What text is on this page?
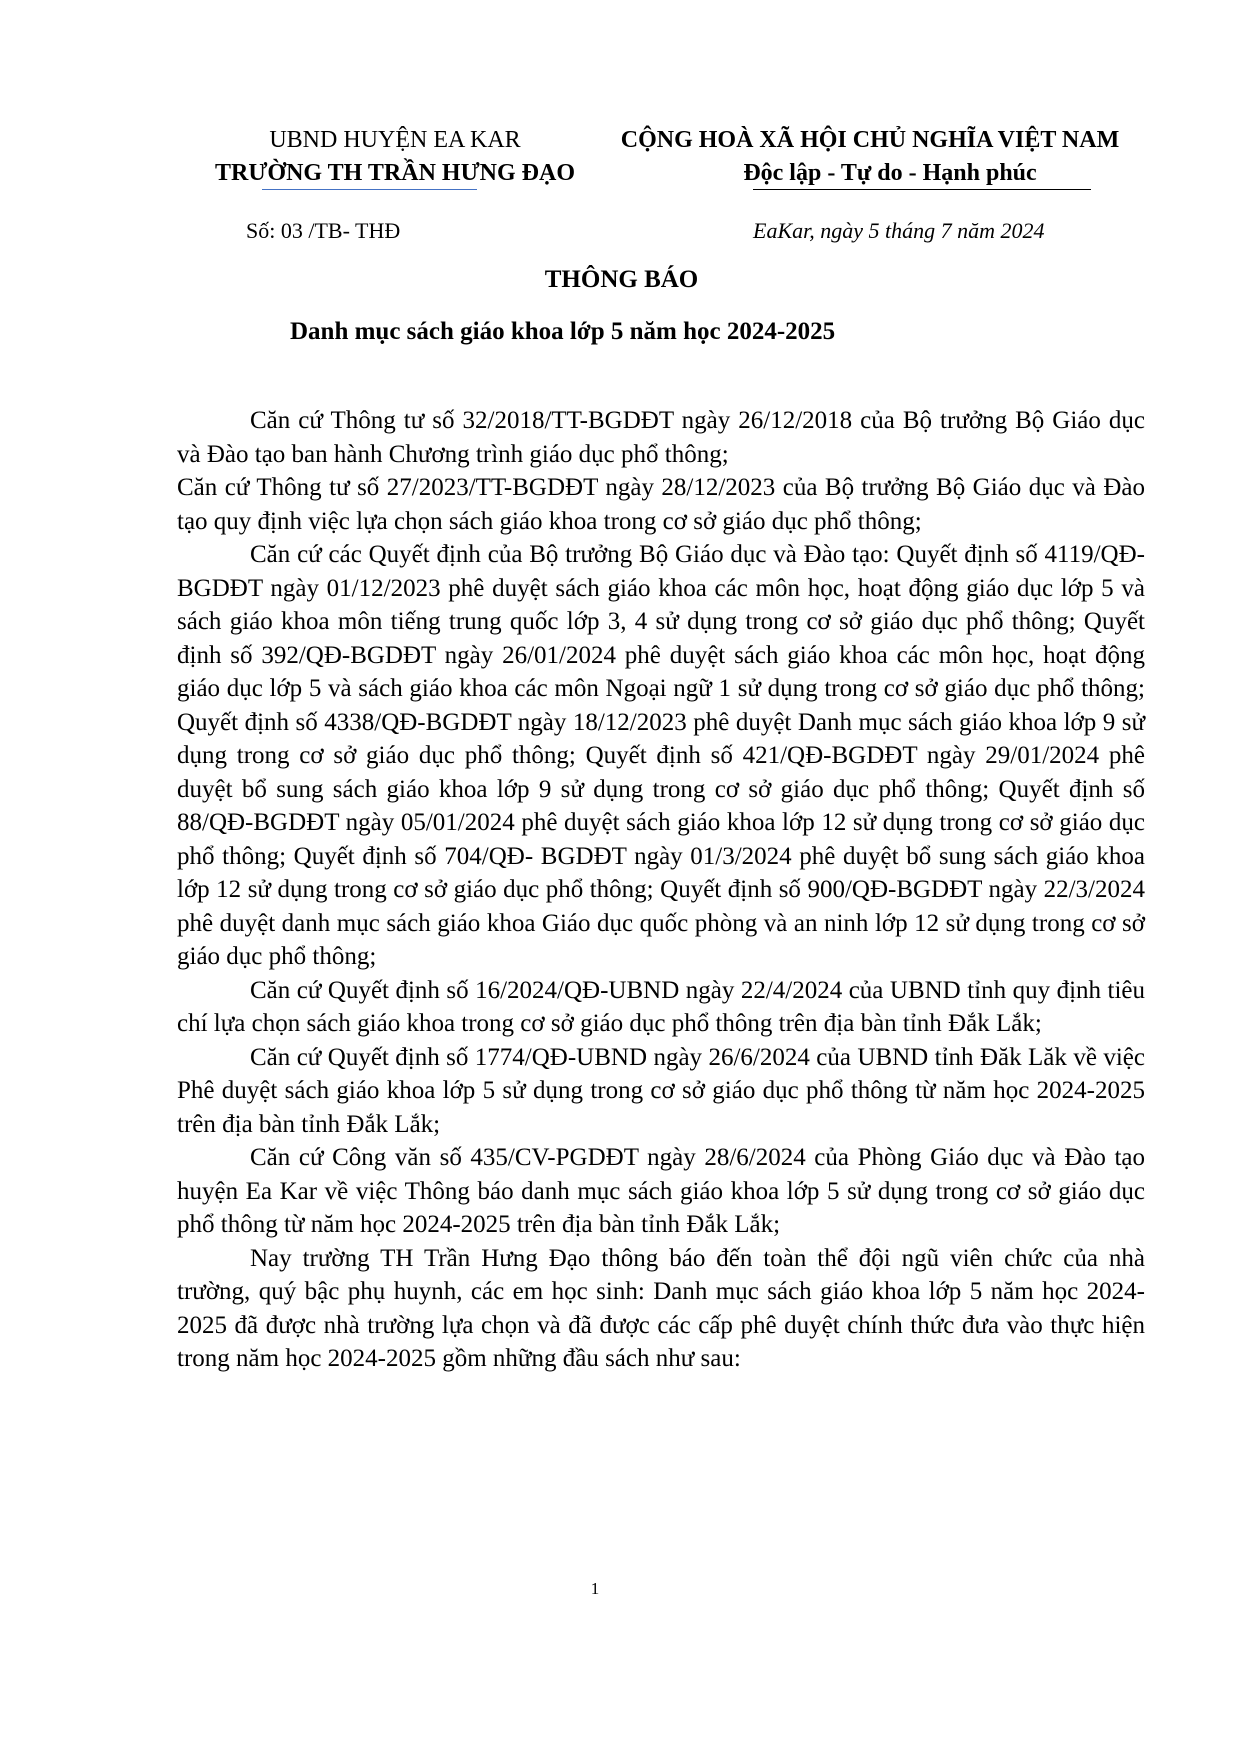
UBND HUYỆN EA KAR
TRƯỜNG TH TRẦN HƯNG ĐẠO
CỘNG HOÀ XÃ HỘI CHỦ NGHĨA VIỆT NAM
Độc lập - Tự do - Hạnh phúc
Số: 03 /TB- THĐ	EaKar, ngày 5 tháng 7 năm 2024
THÔNG BÁO
Danh mục sách giáo khoa lớp 5 năm học 2024-2025

Căn cứ Thông tư số 32/2018/TT-BGDĐT ngày 26/12/2018 của Bộ trưởng Bộ Giáo dục và Đào tạo ban hành Chương trình giáo dục phổ thông;

Căn cứ Thông tư số 27/2023/TT-BGDĐT ngày 28/12/2023 của Bộ trưởng Bộ Giáo dục và Đào tạo quy định việc lựa chọn sách giáo khoa trong cơ sở giáo dục phổ thông;

Căn cứ các Quyết định của Bộ trưởng Bộ Giáo dục và Đào tạo: Quyết định số 4119/QĐ-BGDĐT ngày 01/12/2023 phê duyệt sách giáo khoa các môn học, hoạt động giáo dục lớp 5 và sách giáo khoa môn tiếng trung quốc lớp 3, 4 sử dụng trong cơ sở giáo dục phổ thông; Quyết định số 392/QĐ-BGDĐT ngày 26/01/2024 phê duyệt sách giáo khoa các môn học, hoạt động giáo dục lớp 5 và sách giáo khoa các môn Ngoại ngữ 1 sử dụng trong cơ sở giáo dục phổ thông; Quyết định số 4338/QĐ-BGDĐT ngày 18/12/2023 phê duyệt Danh mục sách giáo khoa lớp 9 sử dụng trong cơ sở giáo dục phổ thông; Quyết định số 421/QĐ-BGDĐT ngày 29/01/2024 phê duyệt bổ sung sách giáo khoa lớp 9 sử dụng trong cơ sở giáo dục phổ thông; Quyết định số 88/QĐ-BGDĐT ngày 05/01/2024 phê duyệt sách giáo khoa lớp 12 sử dụng trong cơ sở giáo dục phổ thông; Quyết định số 704/QĐ- BGDĐT ngày 01/3/2024 phê duyệt bổ sung sách giáo khoa lớp 12 sử dụng trong cơ sở giáo dục phổ thông; Quyết định số 900/QĐ-BGDĐT ngày 22/3/2024 phê duyệt danh mục sách giáo khoa Giáo dục quốc phòng và an ninh lớp 12 sử dụng trong cơ sở giáo dục phổ thông;

Căn cứ Quyết định số 16/2024/QĐ-UBND ngày 22/4/2024 của UBND tỉnh quy định tiêu chí lựa chọn sách giáo khoa trong cơ sở giáo dục phổ thông trên địa bàn tỉnh Đắk Lắk;

Căn cứ Quyết định số 1774/QĐ-UBND ngày 26/6/2024 của UBND tỉnh Đăk Lăk về việc Phê duyệt sách giáo khoa lớp 5 sử dụng trong cơ sở giáo dục phổ thông từ năm học 2024-2025 trên địa bàn tỉnh Đắk Lắk;

Căn cứ Công văn số 435/CV-PGDĐT ngày 28/6/2024 của Phòng Giáo dục và Đào tạo huyện Ea Kar về việc Thông báo danh mục sách giáo khoa lớp 5 sử dụng trong cơ sở giáo dục phổ thông từ năm học 2024-2025 trên địa bàn tỉnh Đắk Lắk;

Nay trường TH Trần Hưng Đạo thông báo đến toàn thể đội ngũ viên chức của nhà trường, quý bậc phụ huynh, các em học sinh: Danh mục sách giáo khoa lớp 5 năm học 2024-2025 đã được nhà trường lựa chọn và đã được các cấp phê duyệt chính thức đưa vào thực hiện trong năm học 2024-2025 gồm những đầu sách như sau:

1
